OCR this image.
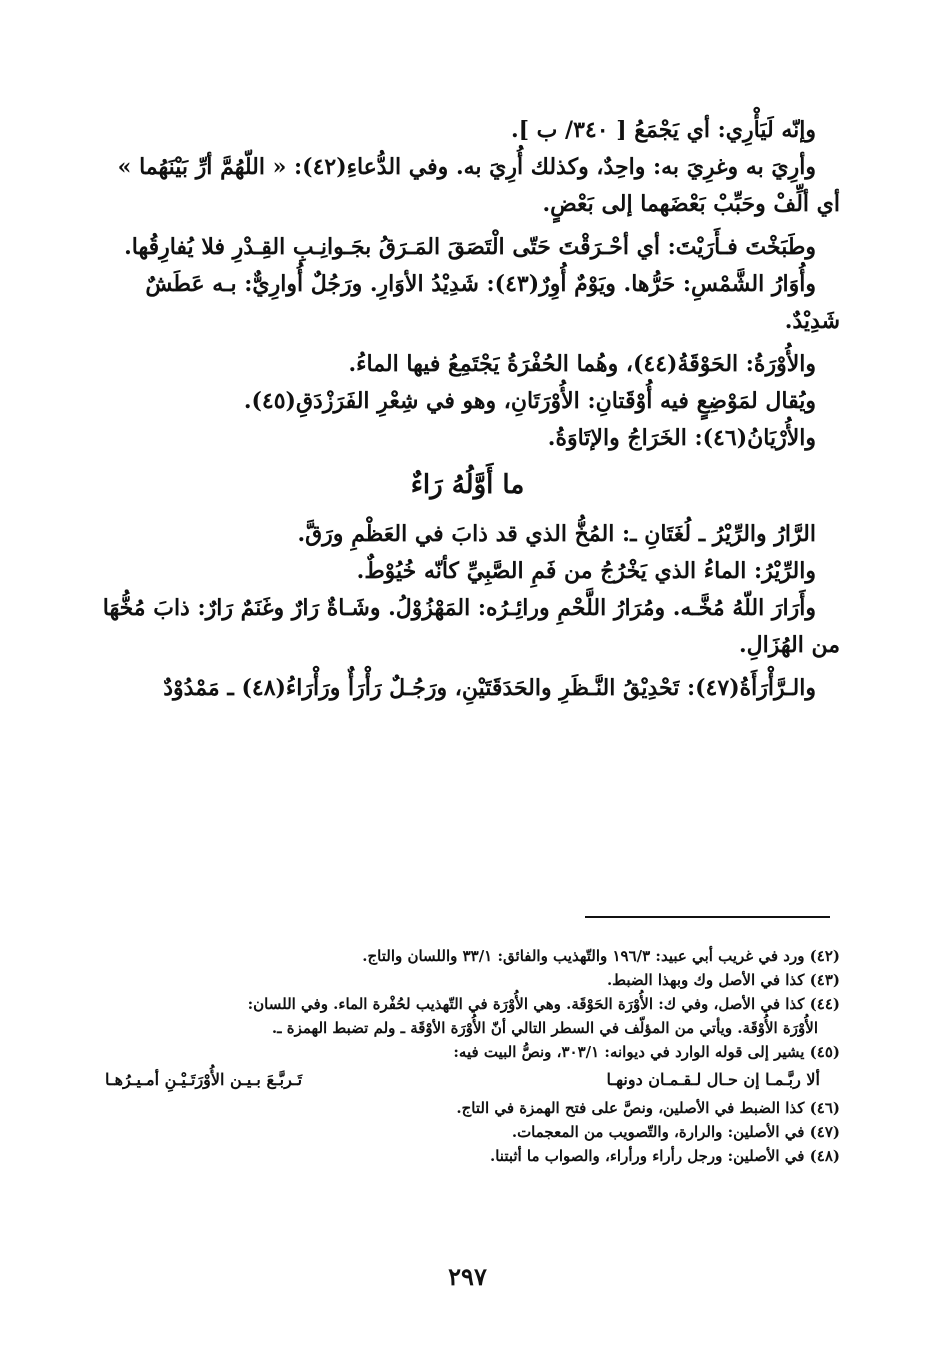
وإنّه لَيَأْرِي: أي يَجْمَعُ [ ٣٤٠/ ب ].

وأرِيَ به وغرِيَ به: واحِدٌ، وكذلك أُرِيَ به. وفي الدُّعاءِ(٤٢): « اللّهُمَّ أرِّ بَيْنَهُما » أي ألِّفْ وحَبِّبْ بَعْضَهما إلى بَعْضٍ.

وطَبَخْتَ فـأَرَيْتَ: أي أحْـرَقْتَ حَتّى الْتَصَقَ المَـرَقُ بجَـوانِـبِ القِـدْرِ فلا يُفارِقُها.

وأُوَارُ الشَّمْسِ: حَرُّها. ويَوْمٌ أُوِرٌ(٤٣): شَدِيْدُ الأوَارِ. ورَجُلٌ أُوارِيٌّ: بـه عَطَشٌ شَدِيْدٌ.

والأُوْرَةُ: الحَوْقَةُ(٤٤)، وهُما الحُفْرَةُ يَجْتَمِعُ فيها الماءُ.

ويُقال لمَوْضِعٍ فيه أُوْقَتانِ: الأُوْرَتَانِ، وهو في شِعْرِ الفَرَزْدَقِ(٤٥).

والأُرْيَانُ(٤٦): الخَرَاجُ والإتَاوَةُ.

ما أَوَّلُهُ رَاءٌ

الرَّارُ والرِّيْرُ ـ لُغَتَانِ ـ: المُخُّ الذي قد ذابَ في العَظْمِ ورَقَّ.

والرِّيْرُ: الماءُ الذي يَخْرُجُ من فَمِ الصَّبِيِّ كأنّه خُيُوْطٌ.

وأَرَارَ اللّهُ مُخَّـه. ومُرَارُ اللَّحْمِ ورائِـرُه: المَهْزُوْلُ. وشَـاةٌ رَارٌ وغَنَمٌ رَارٌ: ذابَ مُخُّهَا من الهُزَالِ.

والـرَّأْرَأَةُ(٤٧): تَحْدِيْقُ النَّـظَرِ والحَدَقَتَيْنِ، ورَجُـلٌ رَأْرَأٌ ورَأْرَاءُ(٤٨) ـ مَمْدُوْدٌ

(٤٢) ورد في غريب أبي عبيد: ١٩٦/٣ والتّهذيب والفائق: ٣٣/١ واللسان والتاج.

(٤٣) كذا في الأصل وك وبهذا الضبط.

(٤٤) كذا في الأصل، وفي ك: الأُوْرَة الحَوْقَة. وهي الأُوْرَة في التّهذيب لحُفْرة الماء. وفي اللسان:

الأُوْرَة الأُوْقَة. ويأتي من المؤلّف في السطر التالي أنّ الأُوْرَة الأوْقَة ـ ولم تضبط الهمزة ـ.

(٤٥) يشير إلى قوله الوارد في ديوانه: ٣٠٣/١، ونصُّ البيت فيه:

ألا ربَّـمـا إن حـال لـقـمـان دونهـا
تَـربَّـعَ بـيـن الأُوْرَتَـيْـنِ أمـيـرُهـا

(٤٦) كذا الضبط في الأصلين، ونصَّ على فتح الهمزة في التاج.

(٤٧) في الأصلين: والرارة، والتّصويب من المعجمات.

(٤٨) في الأصلين: ورجل رأراء ورأراء، والصواب ما أثبتنا.

٢٩٧
